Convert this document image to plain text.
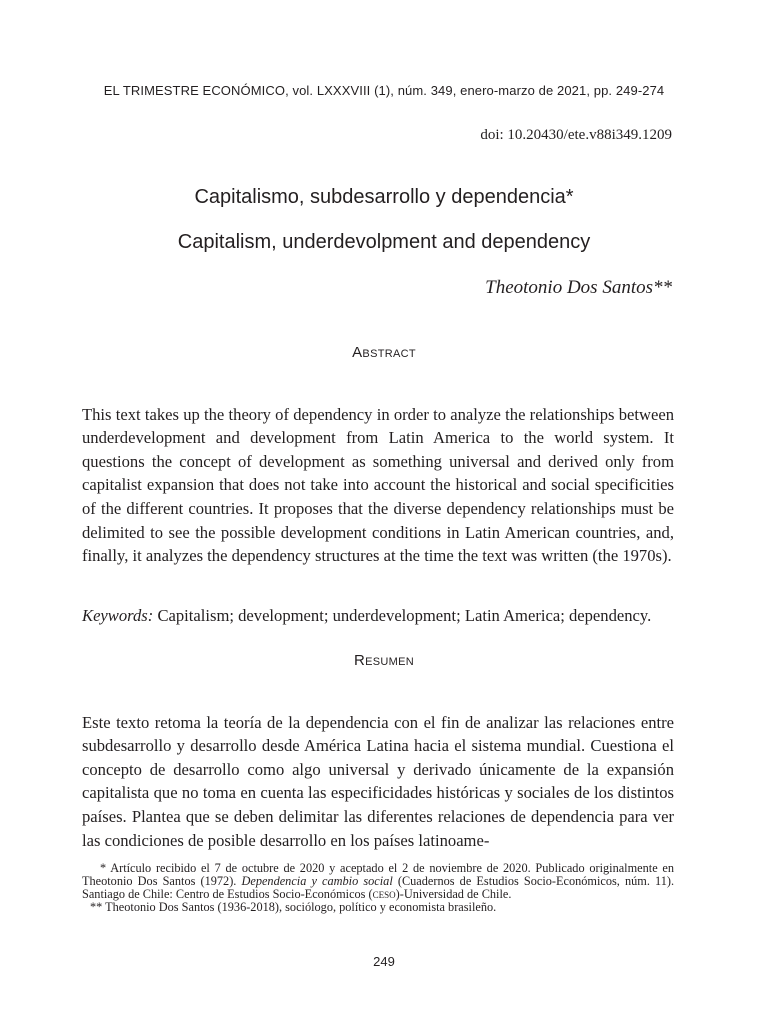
EL TRIMESTRE ECONÓMICO, vol. LXXXVIII (1), núm. 349, enero-marzo de 2021, pp. 249-274
doi: 10.20430/ete.v88i349.1209
Capitalismo, subdesarrollo y dependencia*
Capitalism, underdevolpment and dependency
Theotonio Dos Santos**
Abstract

This text takes up the theory of dependency in order to analyze the relationships between underdevelopment and development from Latin America to the world system. It questions the concept of development as something universal and derived only from capitalist expansion that does not take into account the historical and social specificities of the different countries. It proposes that the diverse dependency relationships must be delimited to see the possible development conditions in Latin American countries, and, finally, it analyzes the dependency structures at the time the text was written (the 1970s).

Keywords: Capitalism; development; underdevelopment; Latin America; dependency.

Resumen

Este texto retoma la teoría de la dependencia con el fin de analizar las relaciones entre subdesarrollo y desarrollo desde América Latina hacia el sistema mundial. Cuestiona el concepto de desarrollo como algo universal y derivado únicamente de la expansión capitalista que no toma en cuenta las especificidades históricas y sociales de los distintos países. Plantea que se deben delimitar las diferentes relaciones de dependencia para ver las condiciones de posible desarrollo en los países latinoame-

* Artículo recibido el 7 de octubre de 2020 y aceptado el 2 de noviembre de 2020. Publicado originalmente en Theotonio Dos Santos (1972). Dependencia y cambio social (Cuadernos de Estudios Socio-Económicos, núm. 11). Santiago de Chile: Centro de Estudios Socio-Económicos (ceso)-Universidad de Chile.

** Theotonio Dos Santos (1936-2018), sociólogo, político y economista brasileño.

249
